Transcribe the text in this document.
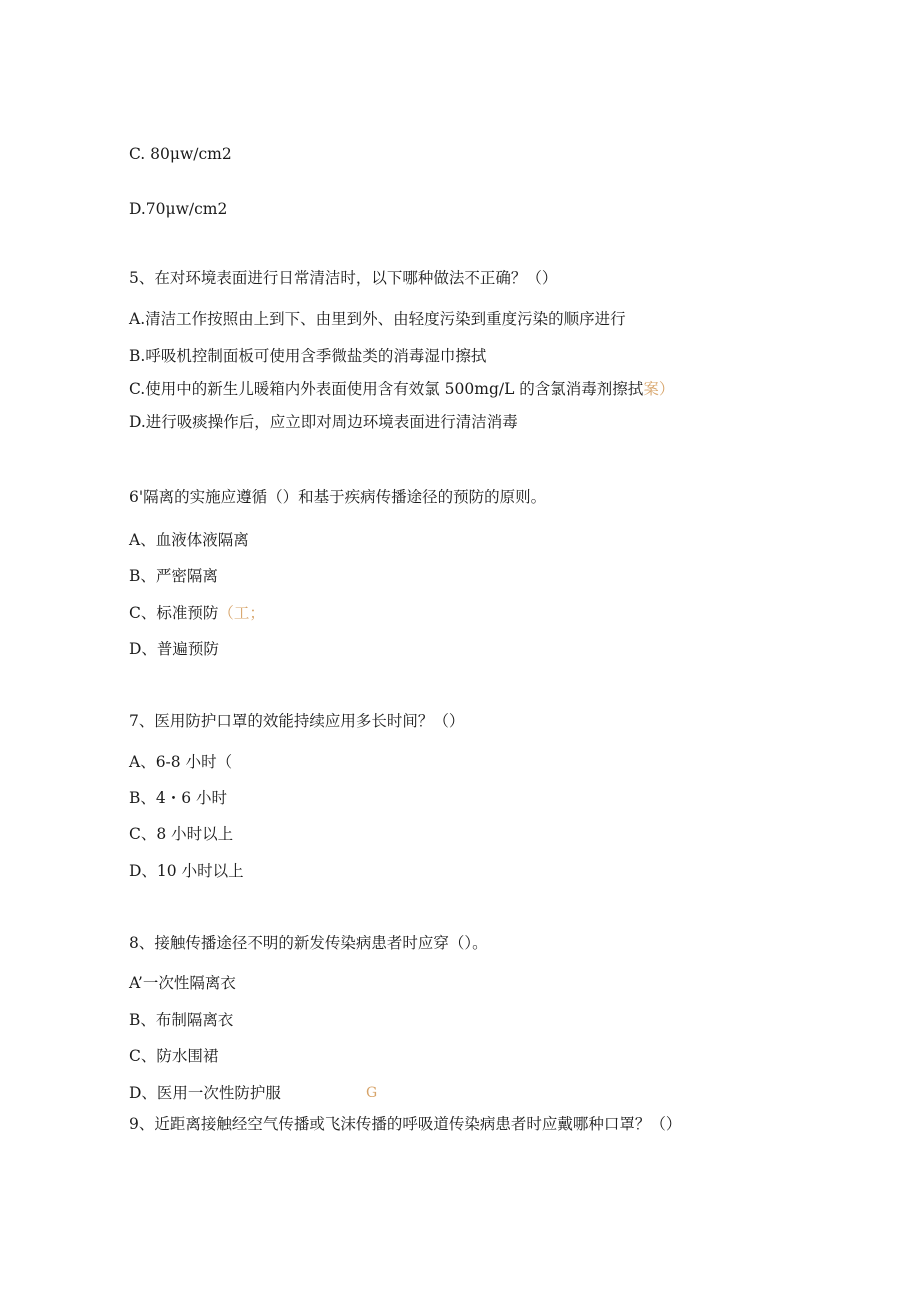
C. 80μw∕cm2
D.70μw∕cm2
5、在对环境表面进行日常清洁时，以下哪种做法不正确？（）
A.清洁工作按照由上到下、由里到外、由轻度污染到重度污染的顺序进行
B.呼吸机控制面板可使用含季微盐类的消毒湿巾擦拭
C.使用中的新生儿暖箱内外表面使用含有效氯 500mg∕L 的含氯消毒剂擦拭案）
D.进行吸痰操作后，应立即对周边环境表面进行清洁消毒
6'隔离的实施应遵循（）和基于疾病传播途径的预防的原则。
A、血液体液隔离
B、严密隔离
C、标准预防（工；
D、普遍预防
7、医用防护口罩的效能持续应用多长时间？（）
A、6-8 小时（
B、4・6 小时
C、8 小时以上
D、10 小时以上
8、接触传播途径不明的新发传染病患者时应穿（）。
A’一次性隔离衣
B、布制隔离衣
C、防水围裙
D、医用一次性防护服	G
9、近距离接触经空气传播或飞沫传播的呼吸道传染病患者时应戴哪种口罩？（）
